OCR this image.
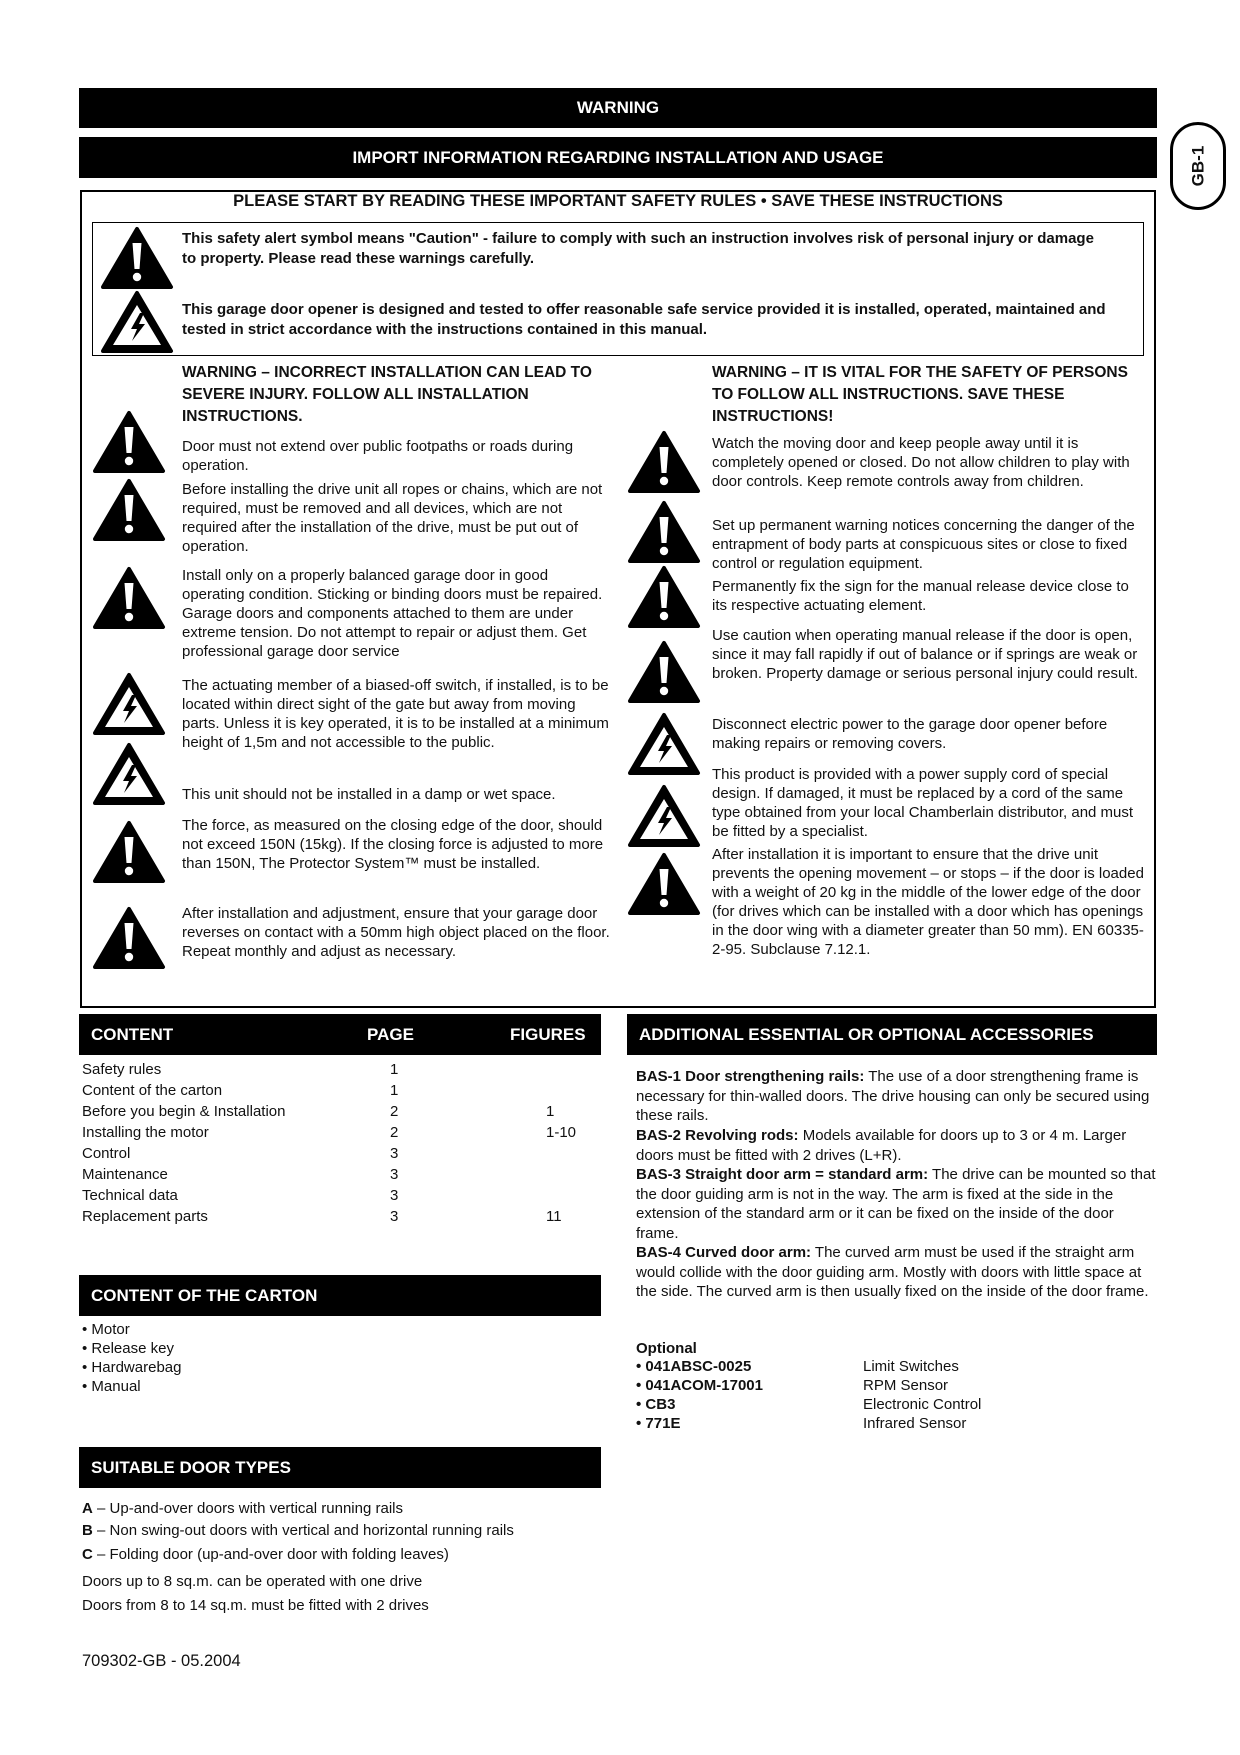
WARNING
IMPORT INFORMATION REGARDING INSTALLATION AND USAGE	GB-1
PLEASE START BY READING THESE IMPORTANT SAFETY RULES • SAVE THESE INSTRUCTIONS
This safety alert symbol means "Caution" - failure to comply with such an instruction involves risk of personal injury or damage to property. Please read these warnings carefully.
This garage door opener is designed and tested to offer reasonable safe service provided it is installed, operated, maintained and tested in strict accordance with the instructions contained in this manual.
WARNING – INCORRECT INSTALLATION CAN LEAD TO SEVERE INJURY. FOLLOW ALL INSTALLATION INSTRUCTIONS.
WARNING – IT IS VITAL FOR THE SAFETY OF PERSONS TO FOLLOW ALL INSTRUCTIONS. SAVE THESE INSTRUCTIONS!
Door must not extend over public footpaths or roads during operation.
Before installing the drive unit all ropes or chains, which are not required, must be removed and all devices, which are not required after the installation of the drive, must be put out of operation.
Install only on a properly balanced garage door in good operating condition. Sticking or binding doors must be repaired. Garage doors and components attached to them are under extreme tension. Do not attempt to repair or adjust them. Get professional garage door service
The actuating member of a biased-off switch, if installed, is to be located within direct sight of the gate but away from moving parts. Unless it is key operated, it is to be installed at a minimum height of 1,5m and not accessible to the public.
This unit should not be installed in a damp or wet space.
The force, as measured on the closing edge of the door, should not exceed 150N (15kg). If the closing force is adjusted to more than 150N, The Protector System™ must be installed.
After installation and adjustment, ensure that your garage door reverses on contact with a 50mm high object placed on the floor. Repeat monthly and adjust as necessary.
Watch the moving door and keep people away until it is completely opened or closed. Do not allow children to play with door controls. Keep remote controls away from children.
Set up permanent warning notices concerning the danger of the entrapment of body parts at conspicuous sites or close to fixed control or regulation equipment.
Permanently fix the sign for the manual release device close to its respective actuating element.
Use caution when operating manual release if the door is open, since it may fall rapidly if out of balance or if springs are weak or broken. Property damage or serious personal injury could result.
Disconnect electric power to the garage door opener before making repairs or removing covers.
This product is provided with a power supply cord of special design. If damaged, it must be replaced by a cord of the same type obtained from your local Chamberlain distributor, and must be fitted by a specialist.
After installation it is important to ensure that the drive unit prevents the opening movement – or stops – if the door is loaded with a weight of 20 kg in the middle of the lower edge of the door (for drives which can be installed with a door which has openings in the door wing with a diameter greater than 50 mm). EN 60335-2-95. Subclause 7.12.1.
CONTENT	PAGE	FIGURES
Safety rules	1
Content of the carton	1
Before you begin & Installation	2	1
Installing the motor	2	1-10
Control	3
Maintenance	3
Technical data	3
Replacement parts	3	11
CONTENT OF THE CARTON
• Motor
• Release key
• Hardwarebag
• Manual
SUITABLE DOOR TYPES
A – Up-and-over doors with vertical running rails
B – Non swing-out doors with vertical and horizontal running rails
C – Folding door (up-and-over door with folding leaves)
Doors up to 8 sq.m. can be operated with one drive
Doors from 8 to 14 sq.m. must be fitted with 2 drives
ADDITIONAL ESSENTIAL OR OPTIONAL ACCESSORIES
BAS-1 Door strengthening rails: The use of a door strengthening frame is necessary for thin-walled doors. The drive housing can only be secured using these rails.
BAS-2 Revolving rods: Models available for doors up to 3 or 4 m. Larger doors must be fitted with 2 drives (L+R).
BAS-3 Straight door arm = standard arm: The drive can be mounted so that the door guiding arm is not in the way. The arm is fixed at the side in the extension of the standard arm or it can be fixed on the inside of the door frame.
BAS-4 Curved door arm: The curved arm must be used if the straight arm would collide with the door guiding arm. Mostly with doors with little space at the side. The curved arm is then usually fixed on the inside of the door frame.
Optional
• 041ABSC-0025	Limit Switches
• 041ACOM-17001	RPM Sensor
• CB3	Electronic Control
• 771E	Infrared Sensor
709302-GB - 05.2004
